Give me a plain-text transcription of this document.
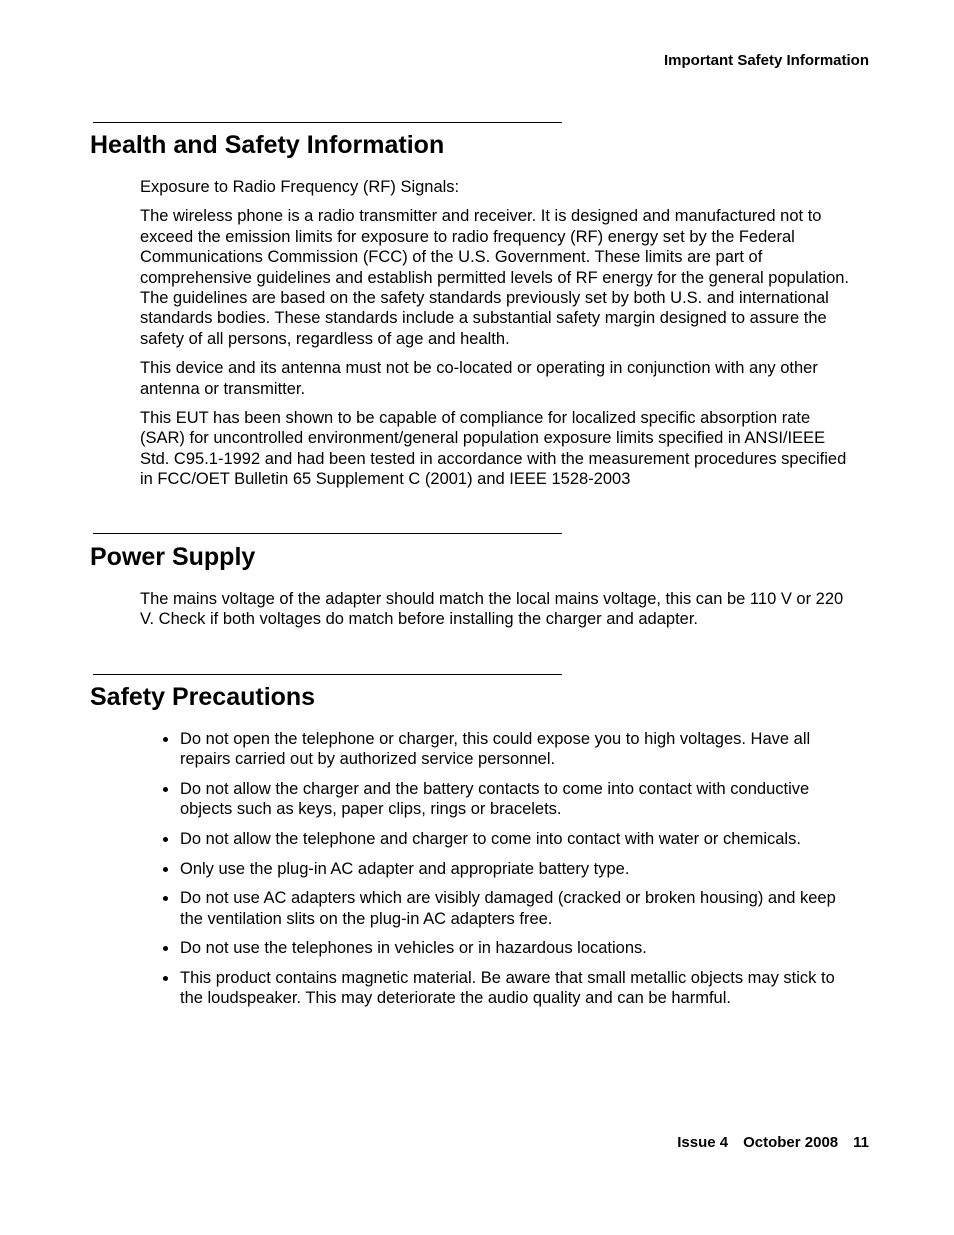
Important Safety Information
Health and Safety Information

Exposure to Radio Frequency (RF) Signals:

The wireless phone is a radio transmitter and receiver. It is designed and manufactured not to exceed the emission limits for exposure to radio frequency (RF) energy set by the Federal Communications Commission (FCC) of the U.S. Government. These limits are part of comprehensive guidelines and establish permitted levels of RF energy for the general population. The guidelines are based on the safety standards previously set by both U.S. and international standards bodies. These standards include a substantial safety margin designed to assure the safety of all persons, regardless of age and health.

This device and its antenna must not be co-located or operating in conjunction with any other antenna or transmitter.

This EUT has been shown to be capable of compliance for localized specific absorption rate (SAR) for uncontrolled environment/general population exposure limits specified in ANSI/IEEE Std. C95.1-1992 and had been tested in accordance with the measurement procedures specified in FCC/OET Bulletin 65 Supplement C (2001) and IEEE 1528-2003

Power Supply

The mains voltage of the adapter should match the local mains voltage, this can be 110 V or 220 V. Check if both voltages do match before installing the charger and adapter.

Safety Precautions
Do not open the telephone or charger, this could expose you to high voltages. Have all repairs carried out by authorized service personnel.
Do not allow the charger and the battery contacts to come into contact with conductive objects such as keys, paper clips, rings or bracelets.
Do not allow the telephone and charger to come into contact with water or chemicals.
Only use the plug-in AC adapter and appropriate battery type.
Do not use AC adapters which are visibly damaged (cracked or broken housing) and keep the ventilation slits on the plug-in AC adapters free.
Do not use the telephones in vehicles or in hazardous locations.
This product contains magnetic material. Be aware that small metallic objects may stick to the loudspeaker. This may deteriorate the audio quality and can be harmful.
Issue 4 October 2008 11
